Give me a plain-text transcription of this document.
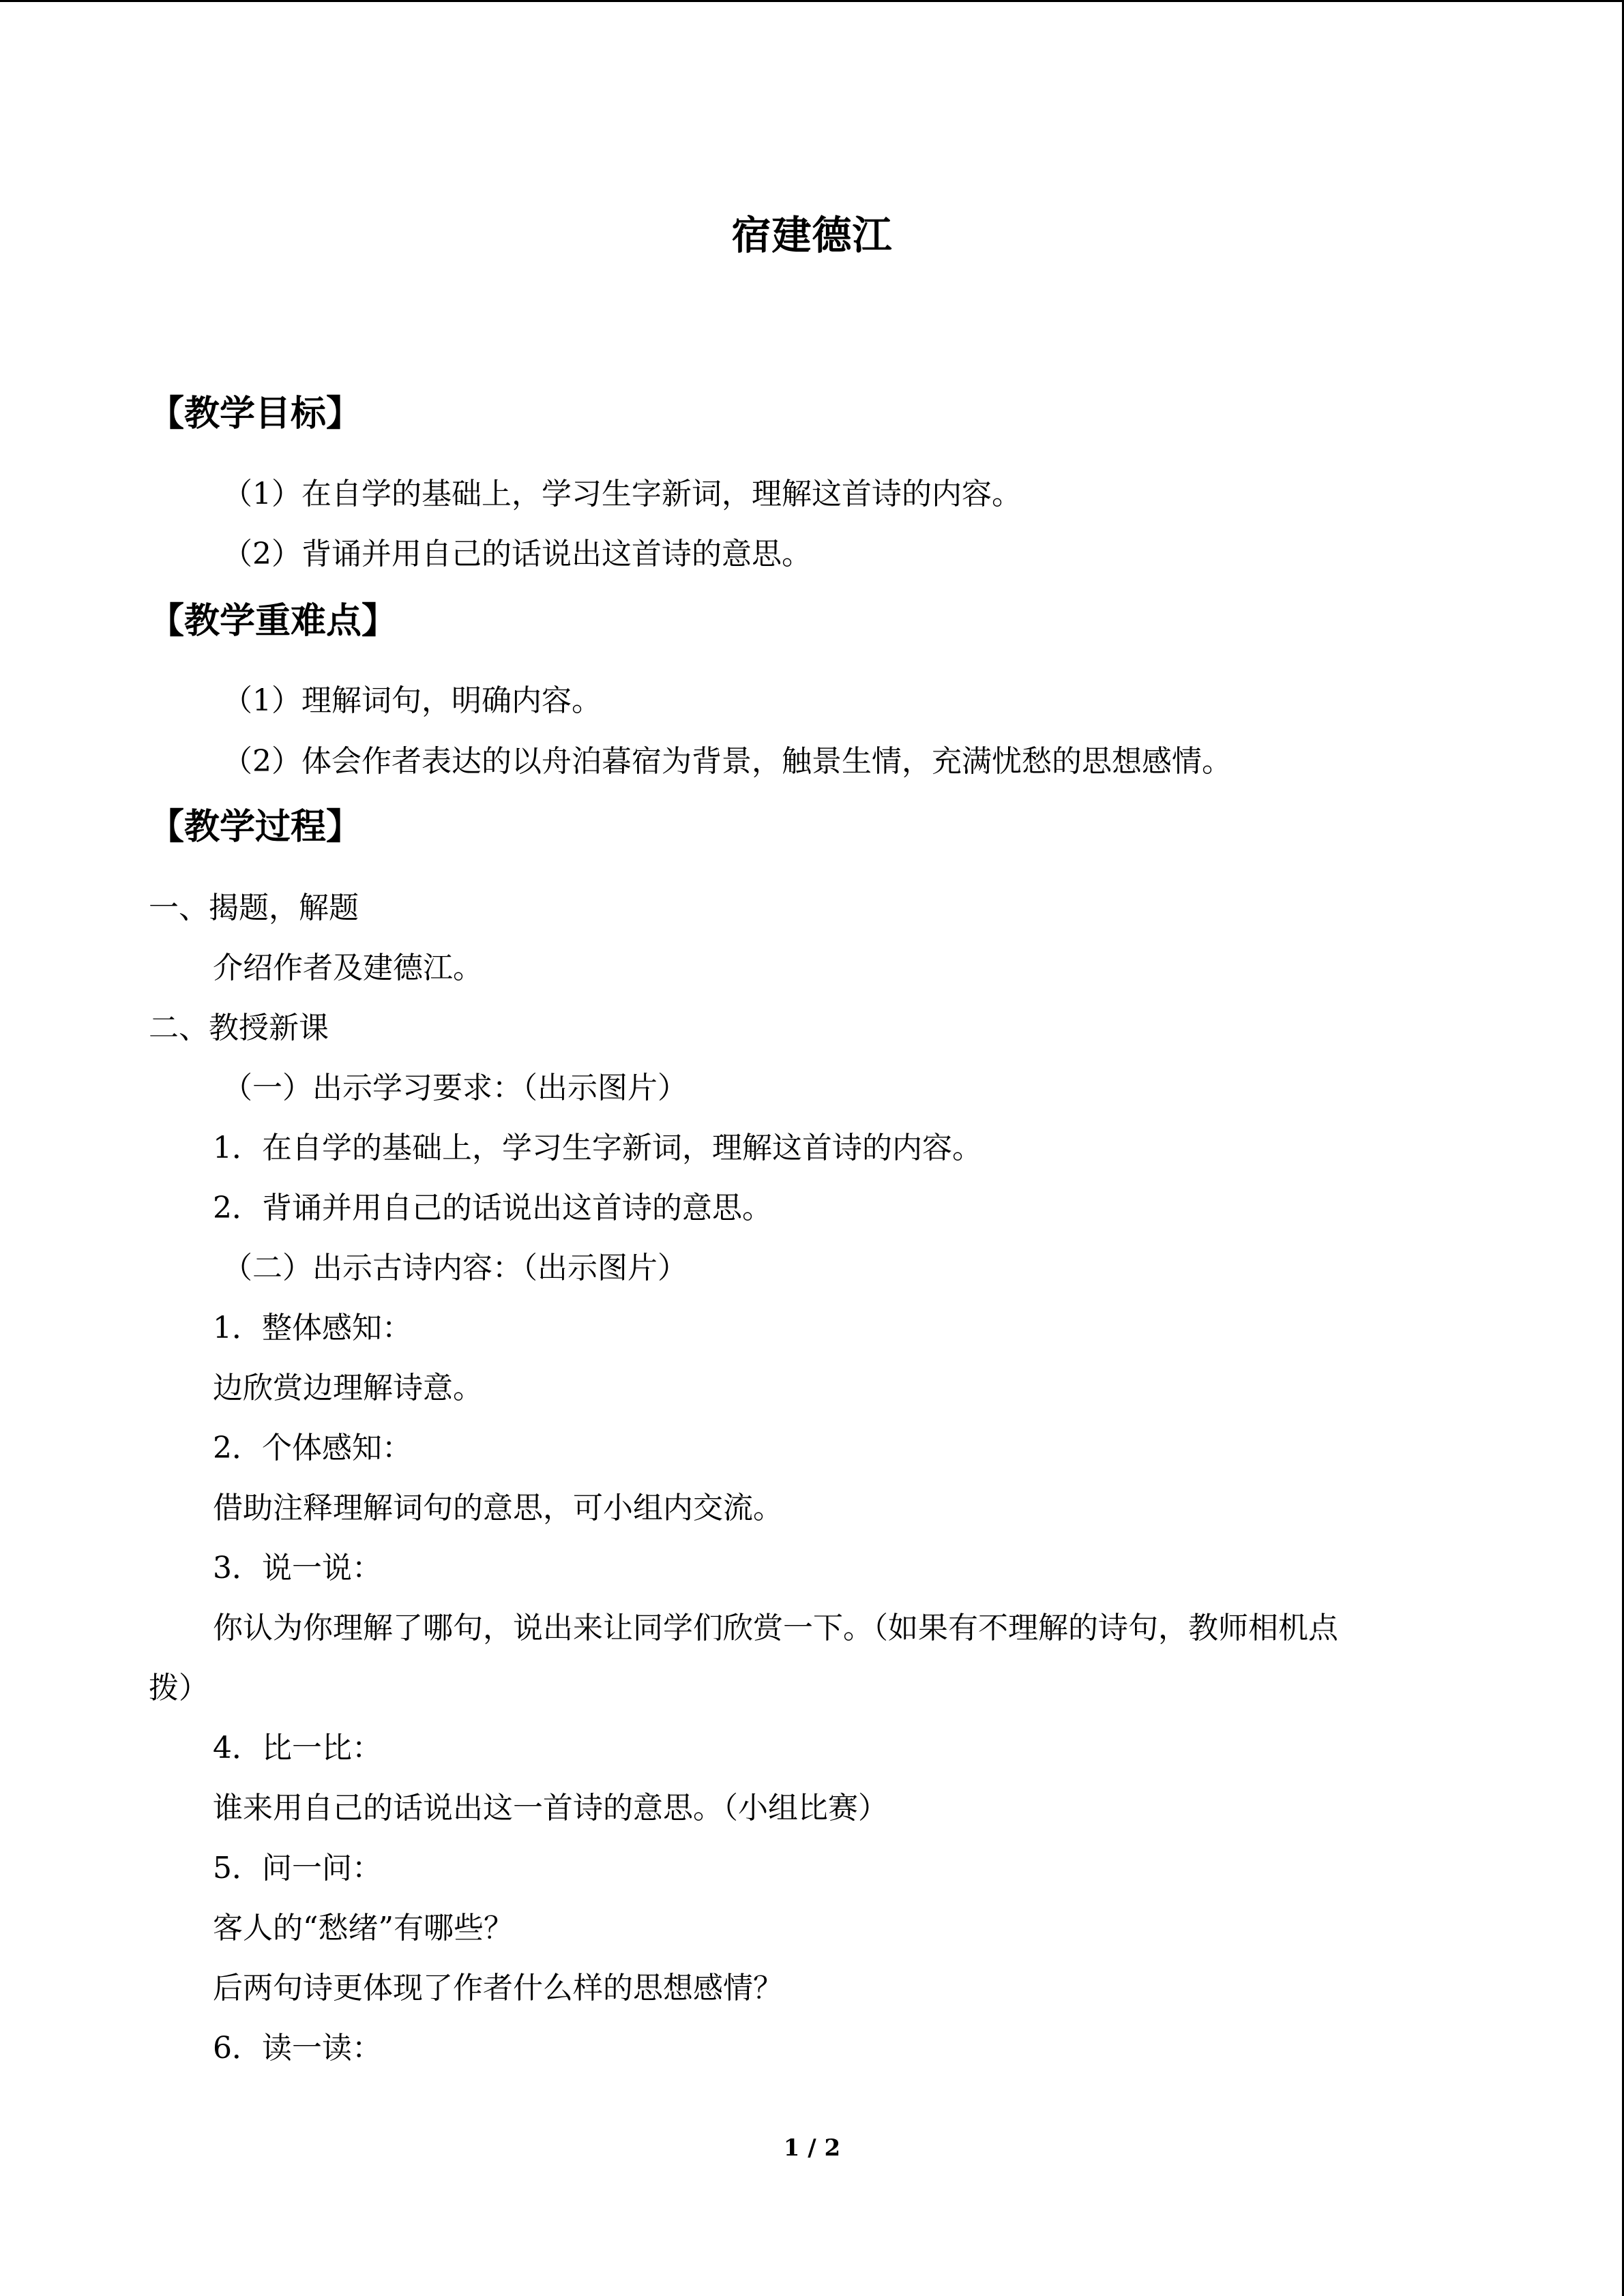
宿建德江
【教学目标】
（1）在自学的基础上，学习生字新词，理解这首诗的内容。
（2）背诵并用自己的话说出这首诗的意思。
【教学重难点】
（1）理解词句，明确内容。
（2）体会作者表达的以舟泊暮宿为背景，触景生情，充满忧愁的思想感情。
【教学过程】
一、揭题，解题
介绍作者及建德江。
二、教授新课
（一）出示学习要求：（出示图片）
1．在自学的基础上，学习生字新词，理解这首诗的内容。
2．背诵并用自己的话说出这首诗的意思。
（二）出示古诗内容：（出示图片）
1．整体感知：
边欣赏边理解诗意。
2．个体感知：
借助注释理解词句的意思，可小组内交流。
3．说一说：
你认为你理解了哪句，说出来让同学们欣赏一下。（如果有不理解的诗句，教师相机点
拨）
4．比一比：
谁来用自己的话说出这一首诗的意思。（小组比赛）
5．问一问：
客人的“愁绪”有哪些？
后两句诗更体现了作者什么样的思想感情？
6．读一读：
1 / 2
